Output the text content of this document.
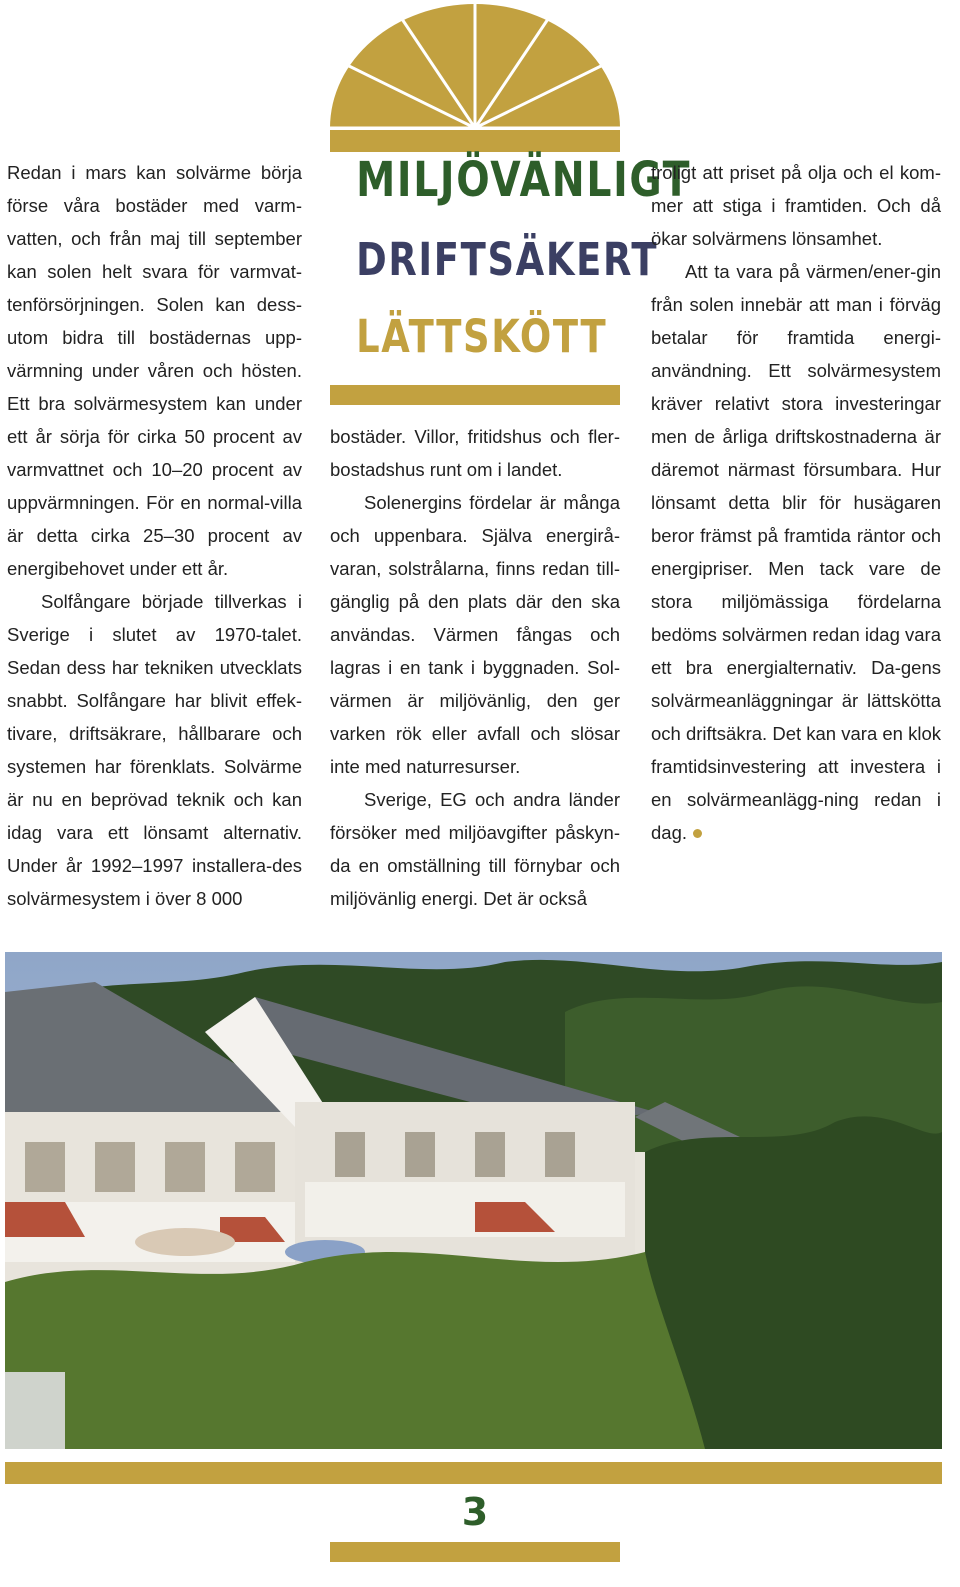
MILJÖVÄNLIGT
DRIFTSÄKERT
LÄTTSKÖTT

Redan i mars kan solvärme börja förse våra bostäder med varm-vatten, och från maj till september kan solen helt svara för varmvat-tenförsörjningen. Solen kan dess-utom bidra till bostädernas upp-värmning under våren och hösten. Ett bra solvärmesystem kan under ett år sörja för cirka 50 procent av varmvattnet och 10–20 procent av uppvärmningen. För en normal-villa är detta cirka 25–30 procent av energibehovet under ett år.

Solfångare började tillverkas i Sverige i slutet av 1970-talet. Sedan dess har tekniken utvecklats snabbt. Solfångare har blivit effek-tivare, driftsäkrare, hållbarare och systemen har förenklats. Solvärme är nu en beprövad teknik och kan idag vara ett lönsamt alternativ. Under år 1992–1997 installera-des solvärmesystem i över 8 000

bostäder. Villor, fritidshus och fler-bostadshus runt om i landet.

Solenergins fördelar är många och uppenbara. Själva energirå-varan, solstrålarna, finns redan till-gänglig på den plats där den ska användas. Värmen fångas och lagras i en tank i byggnaden. Sol-värmen är miljövänlig, den ger varken rök eller avfall och slösar inte med naturresurser.

Sverige, EG och andra länder försöker med miljöavgifter påskyn-da en omställning till förnybar och miljövänlig energi. Det är också

troligt att priset på olja och el kom-mer att stiga i framtiden. Och då ökar solvärmens lönsamhet.

Att ta vara på värmen/ener-gin från solen innebär att man i förväg betalar för framtida energi-användning. Ett solvärmesystem kräver relativt stora investeringar men de årliga driftskostnaderna är däremot närmast försumbara. Hur lönsamt detta blir för husägaren beror främst på framtida räntor och energipriser. Men tack vare de stora miljömässiga fördelarna bedöms solvärmen redan idag vara ett bra energialternativ. Da-gens solvärmeanläggningar är lättskötta och driftsäkra. Det kan vara en klok framtidsinvestering att investera i en solvärmeanlägg-ning redan i dag.

3
